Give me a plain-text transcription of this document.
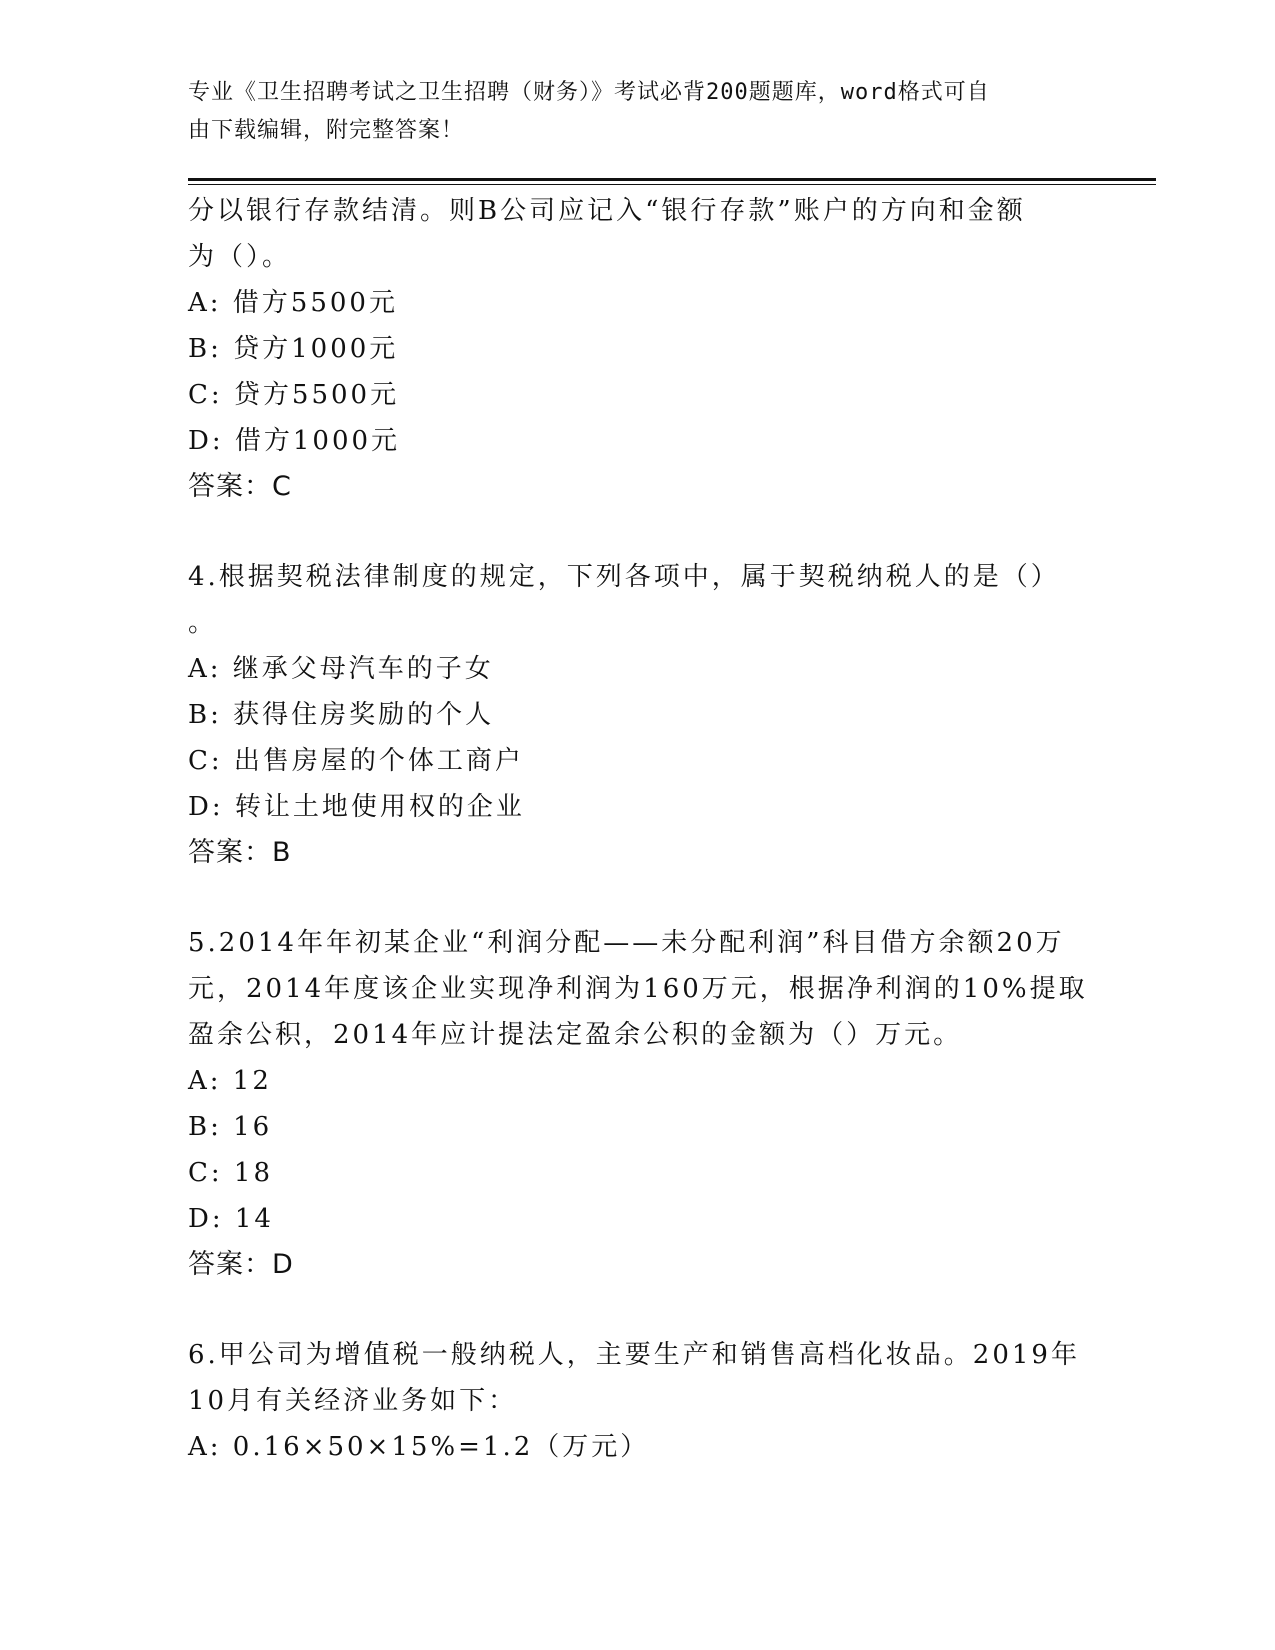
专业《卫生招聘考试之卫生招聘（财务）》考试必背200题题库，word格式可自
由下载编辑，附完整答案！
分以银行存款结清。则B公司应记入“银行存款”账户的方向和金额
为（）。
A: 借方5500元
B: 贷方1000元
C: 贷方5500元
D: 借方1000元
答案：C
4.根据契税法律制度的规定，下列各项中，属于契税纳税人的是（）
。
A: 继承父母汽车的子女
B: 获得住房奖励的个人
C: 出售房屋的个体工商户
D: 转让土地使用权的企业
答案：B
5.2014年年初某企业“利润分配——未分配利润”科目借方余额20万
元，2014年度该企业实现净利润为160万元，根据净利润的10%提取
盈余公积，2014年应计提法定盈余公积的金额为（）万元。
A: 12
B: 16
C: 18
D: 14
答案：D
6.甲公司为增值税一般纳税人，主要生产和销售高档化妆品。2019年
10月有关经济业务如下：
A: 0.16×50×15%=1.2（万元）
